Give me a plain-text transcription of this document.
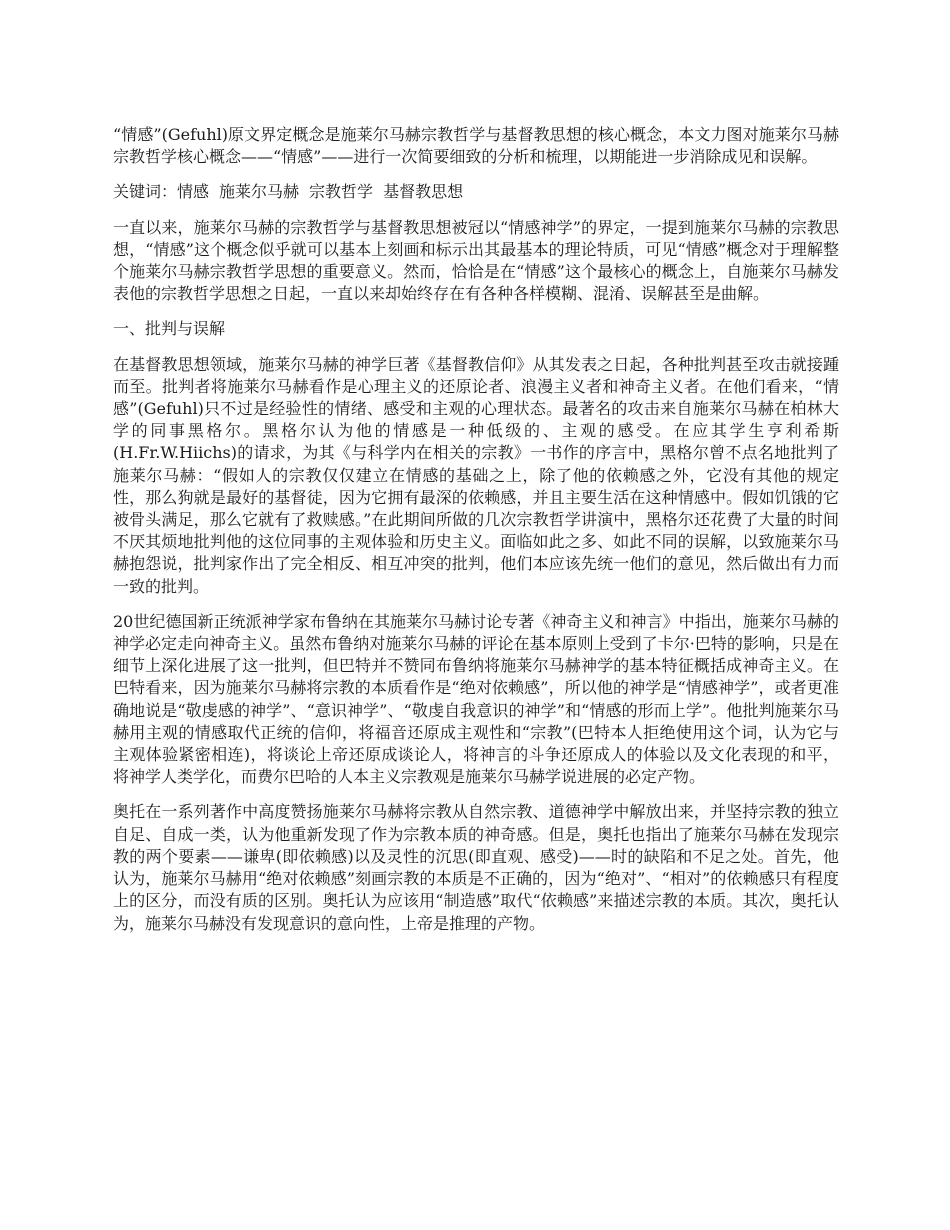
“情感”(Gefuhl)原文界定概念是施莱尔马赫宗教哲学与基督教思想的核心概念，本文力图对施莱尔马赫宗教哲学核心概念——“情感”——进行一次简要细致的分析和梳理，以期能进一步消除成见和误解。

关键词：情感 施莱尔马赫 宗教哲学 基督教思想

一直以来，施莱尔马赫的宗教哲学与基督教思想被冠以“情感神学”的界定，一提到施莱尔马赫的宗教思想，“情感”这个概念似乎就可以基本上刻画和标示出其最基本的理论特质，可见“情感”概念对于理解整个施莱尔马赫宗教哲学思想的重要意义。然而，恰恰是在“情感”这个最核心的概念上，自施莱尔马赫发表他的宗教哲学思想之日起，一直以来却始终存在有各种各样模糊、混淆、误解甚至是曲解。

一、批判与误解

在基督教思想领域，施莱尔马赫的神学巨著《基督教信仰》从其发表之日起，各种批判甚至攻击就接踵而至。批判者将施莱尔马赫看作是心理主义的还原论者、浪漫主义者和神奇主义者。在他们看来，“情感”(Gefuhl)只不过是经验性的情绪、感受和主观的心理状态。最著名的攻击来自施莱尔马赫在柏林大学的同事黑格尔。黑格尔认为他的情感是一种低级的、主观的感受。在应其学生亨利希斯(H.Fr.W.Hiichs)的请求，为其《与科学内在相关的宗教》一书作的序言中，黑格尔曾不点名地批判了施莱尔马赫：“假如人的宗教仅仅建立在情感的基础之上，除了他的依赖感之外，它没有其他的规定性，那么狗就是最好的基督徒，因为它拥有最深的依赖感，并且主要生活在这种情感中。假如饥饿的它被骨头满足，那么它就有了救赎感。”在此期间所做的几次宗教哲学讲演中，黑格尔还花费了大量的时间不厌其烦地批判他的这位同事的主观体验和历史主义。面临如此之多、如此不同的误解，以致施莱尔马赫抱怨说，批判家作出了完全相反、相互冲突的批判，他们本应该先统一他们的意见，然后做出有力而一致的批判。

20世纪德国新正统派神学家布鲁纳在其施莱尔马赫讨论专著《神奇主义和神言》中指出，施莱尔马赫的神学必定走向神奇主义。虽然布鲁纳对施莱尔马赫的评论在基本原则上受到了卡尔·巴特的影响，只是在细节上深化进展了这一批判，但巴特并不赞同布鲁纳将施莱尔马赫神学的基本特征概括成神奇主义。在巴特看来，因为施莱尔马赫将宗教的本质看作是“绝对依赖感”，所以他的神学是“情感神学”，或者更准确地说是“敬虔感的神学”、“意识神学”、“敬虔自我意识的神学”和“情感的形而上学”。他批判施莱尔马赫用主观的情感取代正统的信仰，将福音还原成主观性和“宗教”(巴特本人拒绝使用这个词，认为它与主观体验紧密相连)，将谈论上帝还原成谈论人，将神言的斗争还原成人的体验以及文化表现的和平，将神学人类学化，而费尔巴哈的人本主义宗教观是施莱尔马赫学说进展的必定产物。

奥托在一系列著作中高度赞扬施莱尔马赫将宗教从自然宗教、道德神学中解放出来，并坚持宗教的独立自足、自成一类，认为他重新发现了作为宗教本质的神奇感。但是，奥托也指出了施莱尔马赫在发现宗教的两个要素——谦卑(即依赖感)以及灵性的沉思(即直观、感受)——时的缺陷和不足之处。首先，他认为，施莱尔马赫用“绝对依赖感”刻画宗教的本质是不正确的，因为“绝对”、“相对”的依赖感只有程度上的区分，而没有质的区别。奥托认为应该用“制造感”取代“依赖感”来描述宗教的本质。其次，奥托认为，施莱尔马赫没有发现意识的意向性，上帝是推理的产物。
